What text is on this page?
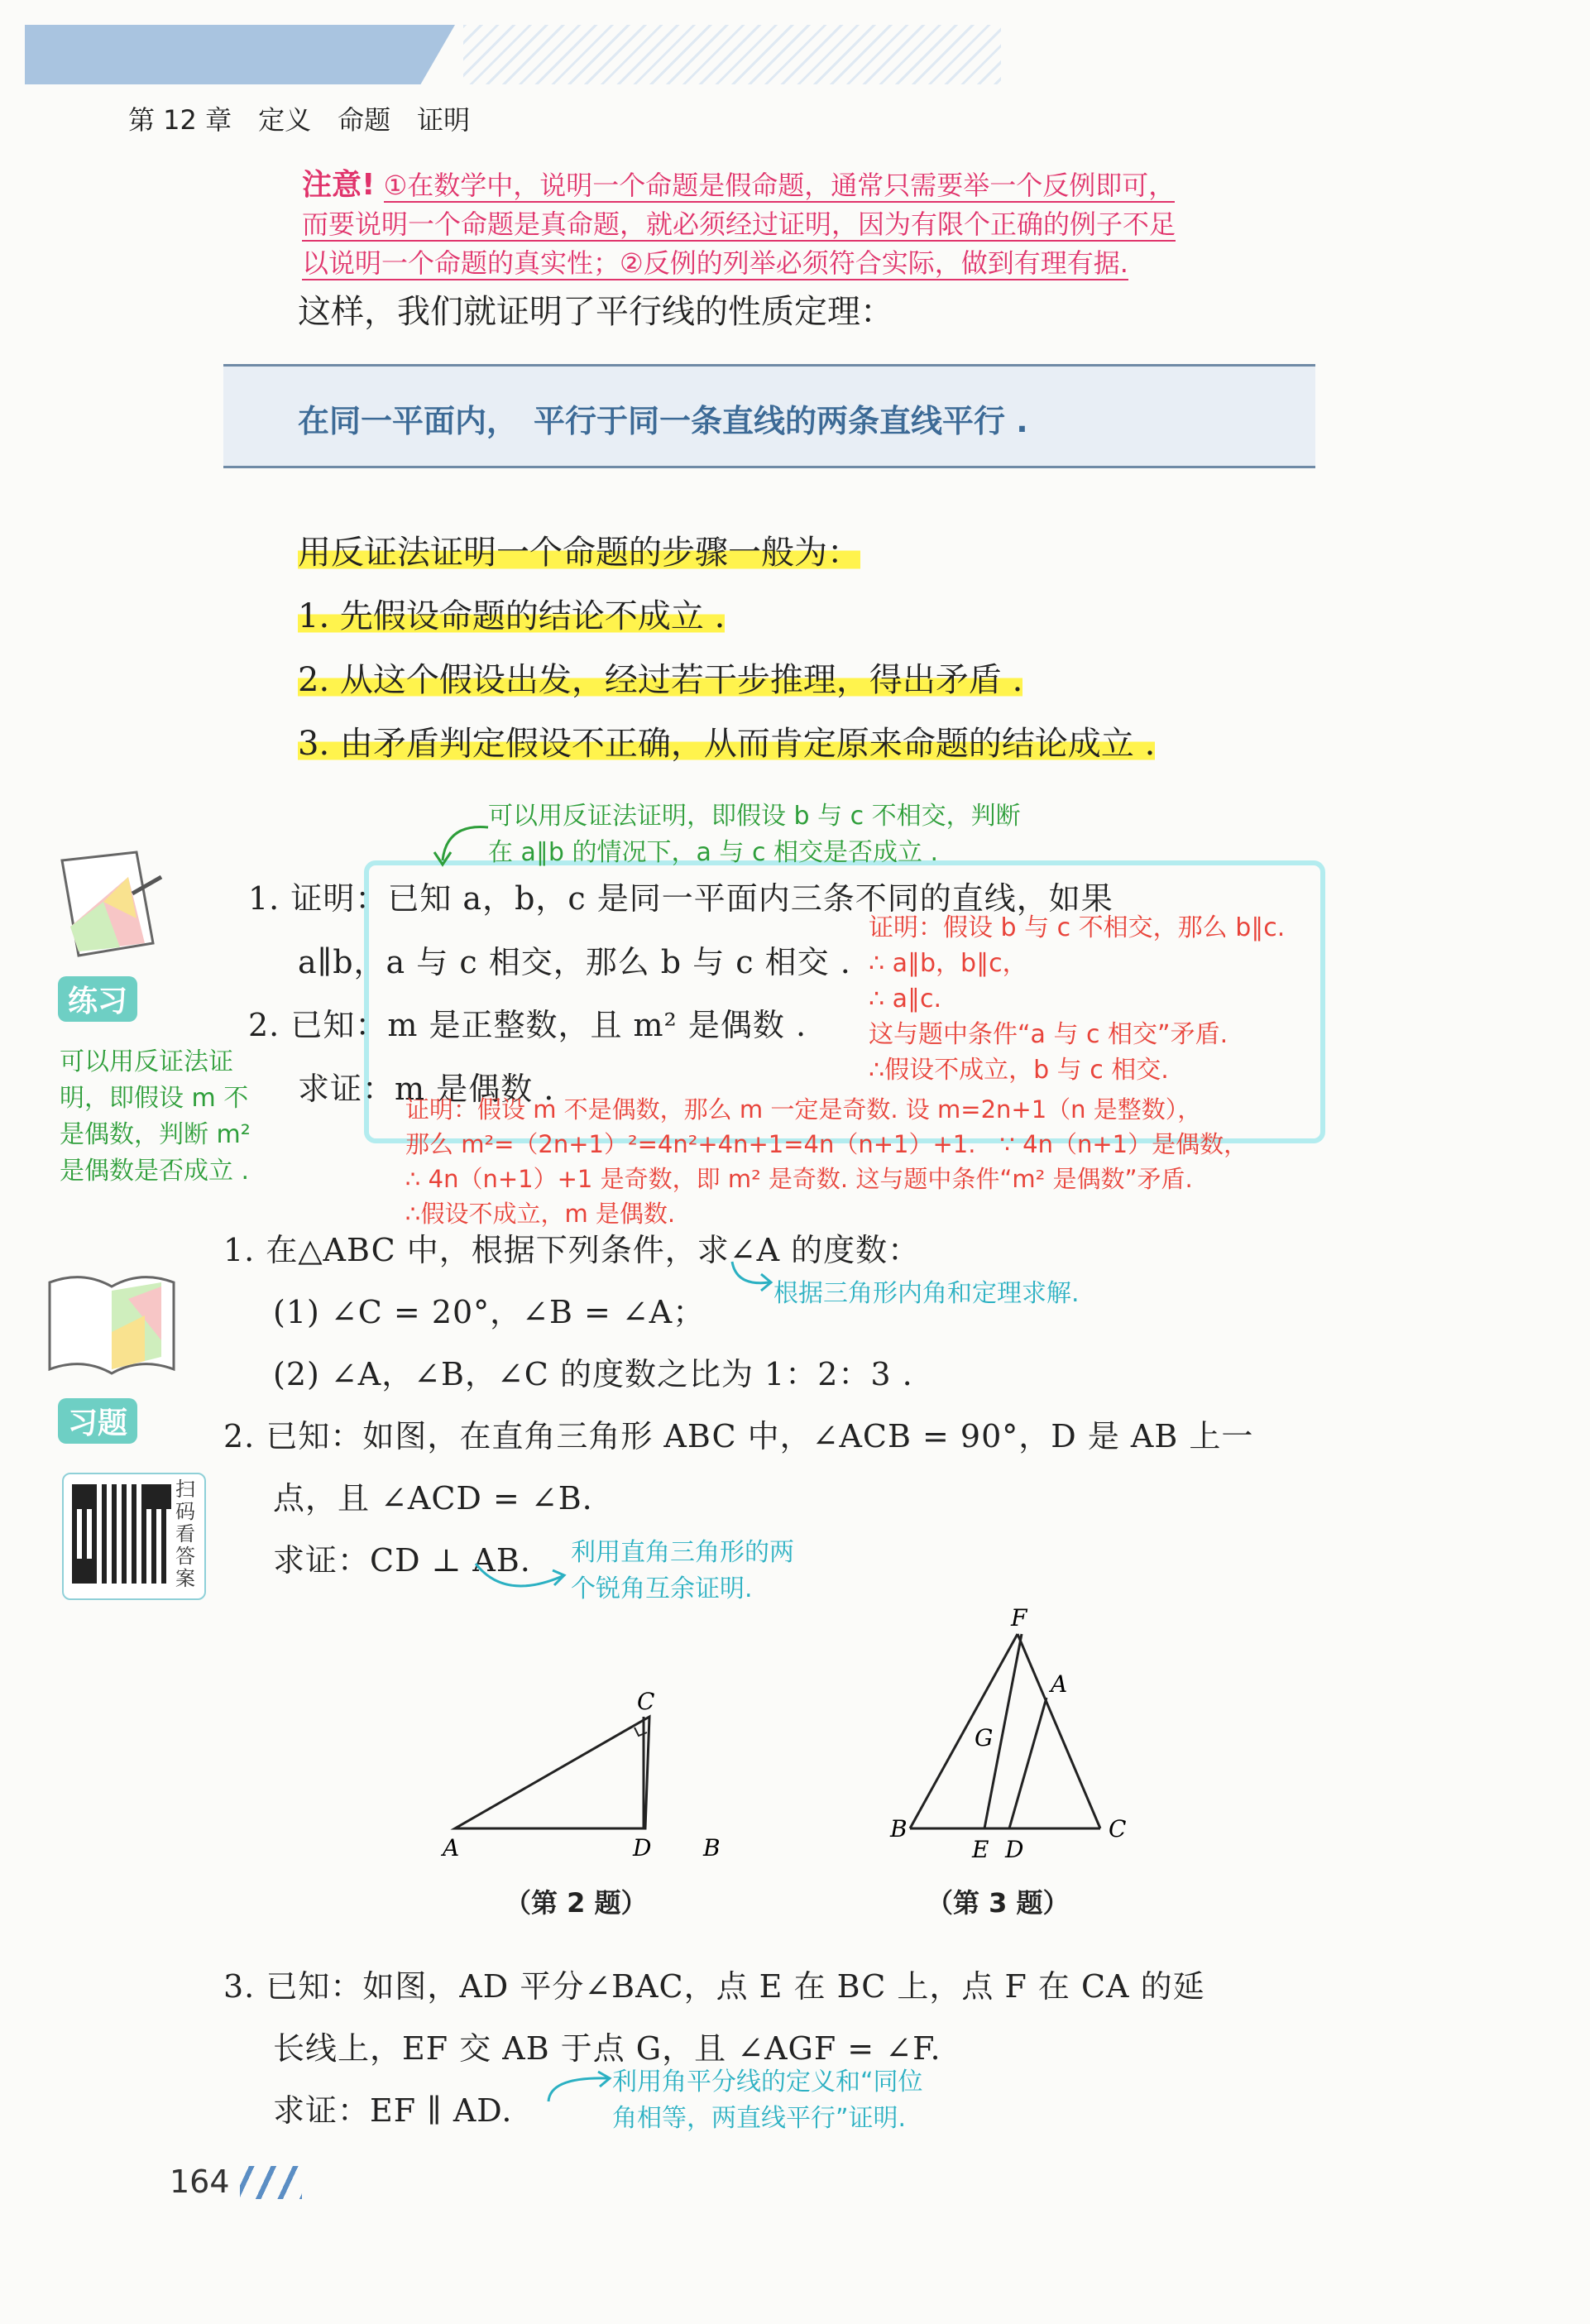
第 12 章　定义　命题　证明
注意! ①在数学中，说明一个命题是假命题，通常只需要举一个反例即可，
而要说明一个命题是真命题，就必须经过证明，因为有限个正确的例子不足
以说明一个命题的真实性；②反例的列举必须符合实际，做到有理有据.
这样，我们就证明了平行线的性质定理：
在同一平面内，　平行于同一条直线的两条直线平行 .
用反证法证明一个命题的步骤一般为：
1. 先假设命题的结论不成立 .
2. 从这个假设出发，经过若干步推理，得出矛盾 .
3. 由矛盾判定假设不正确，从而肯定原来命题的结论成立 .
练习
1. 证明：已知 a，b，c 是同一平面内三条不同的直线，如果
a∥b，a 与 c 相交，那么 b 与 c 相交 .
2. 已知：m 是正整数，且 m² 是偶数 .
求证：m 是偶数 .
可以用反证法证明，即假设 b 与 c 不相交，判断
在 a∥b 的情况下，a 与 c 相交是否成立 .
可以用反证法证
明，即假设 m 不
是偶数，判断 m²
是偶数是否成立 .
证明：假设 b 与 c 不相交，那么 b∥c.
∴ a∥b，b∥c，
∴ a∥c.
这与题中条件“a 与 c 相交”矛盾.
∴假设不成立，b 与 c 相交.
证明：假设 m 不是偶数，那么 m 一定是奇数. 设 m=2n+1（n 是整数），
那么 m²=（2n+1）²=4n²+4n+1=4n（n+1）+1.　∵ 4n（n+1）是偶数，
∴ 4n（n+1）+1 是奇数，即 m² 是奇数. 这与题中条件“m² 是偶数”矛盾.
∴假设不成立，m 是偶数.
习题
扫码看答案
1. 在△ABC 中，根据下列条件，求∠A 的度数：
(1) ∠C = 20°，∠B = ∠A；
(2) ∠A，∠B，∠C 的度数之比为 1：2：3 .
根据三角形内角和定理求解.
2. 已知：如图，在直角三角形 ABC 中，∠ACB = 90°，D 是 AB 上一
点，且 ∠ACD = ∠B.
求证：CD ⊥ AB. 利用直角三角形的两
个锐角互余证明.
A	B
C
D
（第 2 题）
F
A
G
B	C
E D
（第 3 题）
3. 已知：如图，AD 平分∠BAC，点 E 在 BC 上，点 F 在 CA 的延
长线上，EF 交 AB 于点 G，且 ∠AGF = ∠F.
求证：EF ∥ AD.
利用角平分线的定义和“同位
角相等，两直线平行”证明.
164
